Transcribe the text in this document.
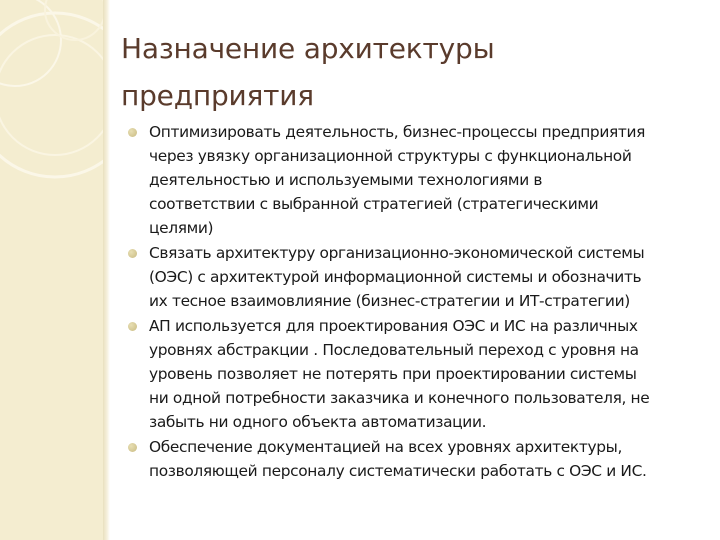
Назначение архитектуры
предприятия
Оптимизировать деятельность, бизнес-процессы предприятия
через увязку организационной структуры с функциональной
деятельностью и используемыми технологиями в
соответствии с выбранной стратегией (стратегическими
целями)
Связать архитектуру организационно-экономической системы
(ОЭС) с архитектурой информационной системы и обозначить
их тесное взаимовлияние (бизнес-стратегии и ИТ-стратегии)
АП используется для проектирования ОЭС и ИС на различных
уровнях абстракции . Последовательный переход с уровня на
уровень позволяет не потерять при проектировании системы
ни одной потребности заказчика и конечного пользователя, не
забыть ни одного объекта автоматизации.
Обеспечение документацией на всех уровнях архитектуры,
позволяющей персоналу систематически работать с ОЭС и ИС.
